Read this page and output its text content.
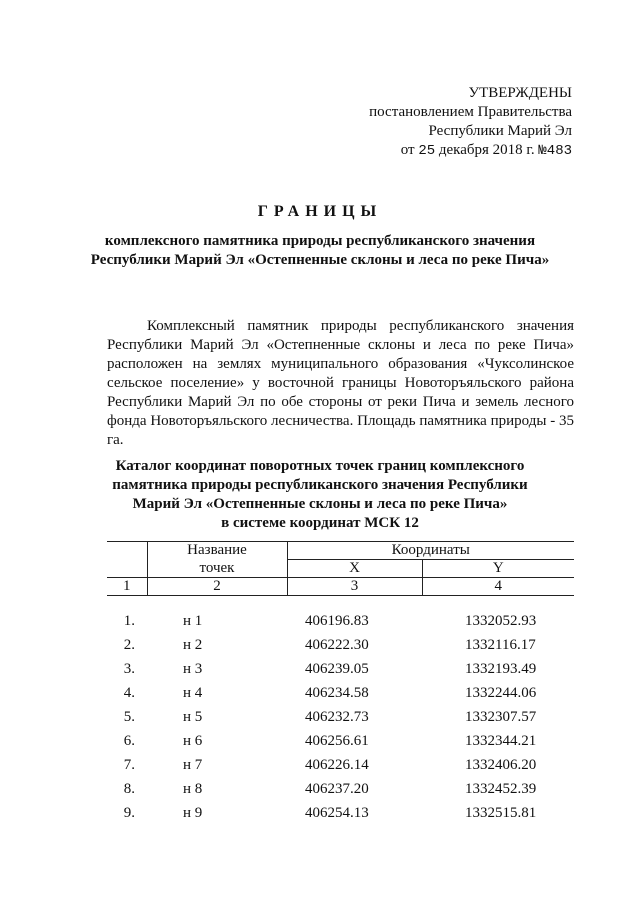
УТВЕРЖДЕНЫ
постановлением Правительства
Республики Марий Эл
от 25 декабря 2018 г. №483
ГРАНИЦЫ
комплексного памятника природы республиканского значения
Республики Марий Эл «Остепненные склоны и леса по реке Пича»
Комплексный памятник природы республиканского значения Республики Марий Эл «Остепненные склоны и леса по реке Пича» расположен на землях муниципального образования «Чуксолинское сельское поселение» у восточной границы Новоторъяльского района Республики Марий Эл по обе стороны от реки Пича и земель лесного фонда Новоторъяльского лесничества. Площадь памятника природы - 35 га.
Каталог координат поворотных точек границ комплексного
памятника природы республиканского значения Республики
Марий Эл «Остепненные склоны и леса по реке Пича»
в системе координат МСК 12
	Название	Координаты	
	точек	X	Y
1	2	3	4
1.	н 1	406196.83	1332052.93
2.	н 2	406222.30	1332116.17
3.	н 3	406239.05	1332193.49
4.	н 4	406234.58	1332244.06
5.	н 5	406232.73	1332307.57
6.	н 6	406256.61	1332344.21
7.	н 7	406226.14	1332406.20
8.	н 8	406237.20	1332452.39
9.	н 9	406254.13	1332515.81
